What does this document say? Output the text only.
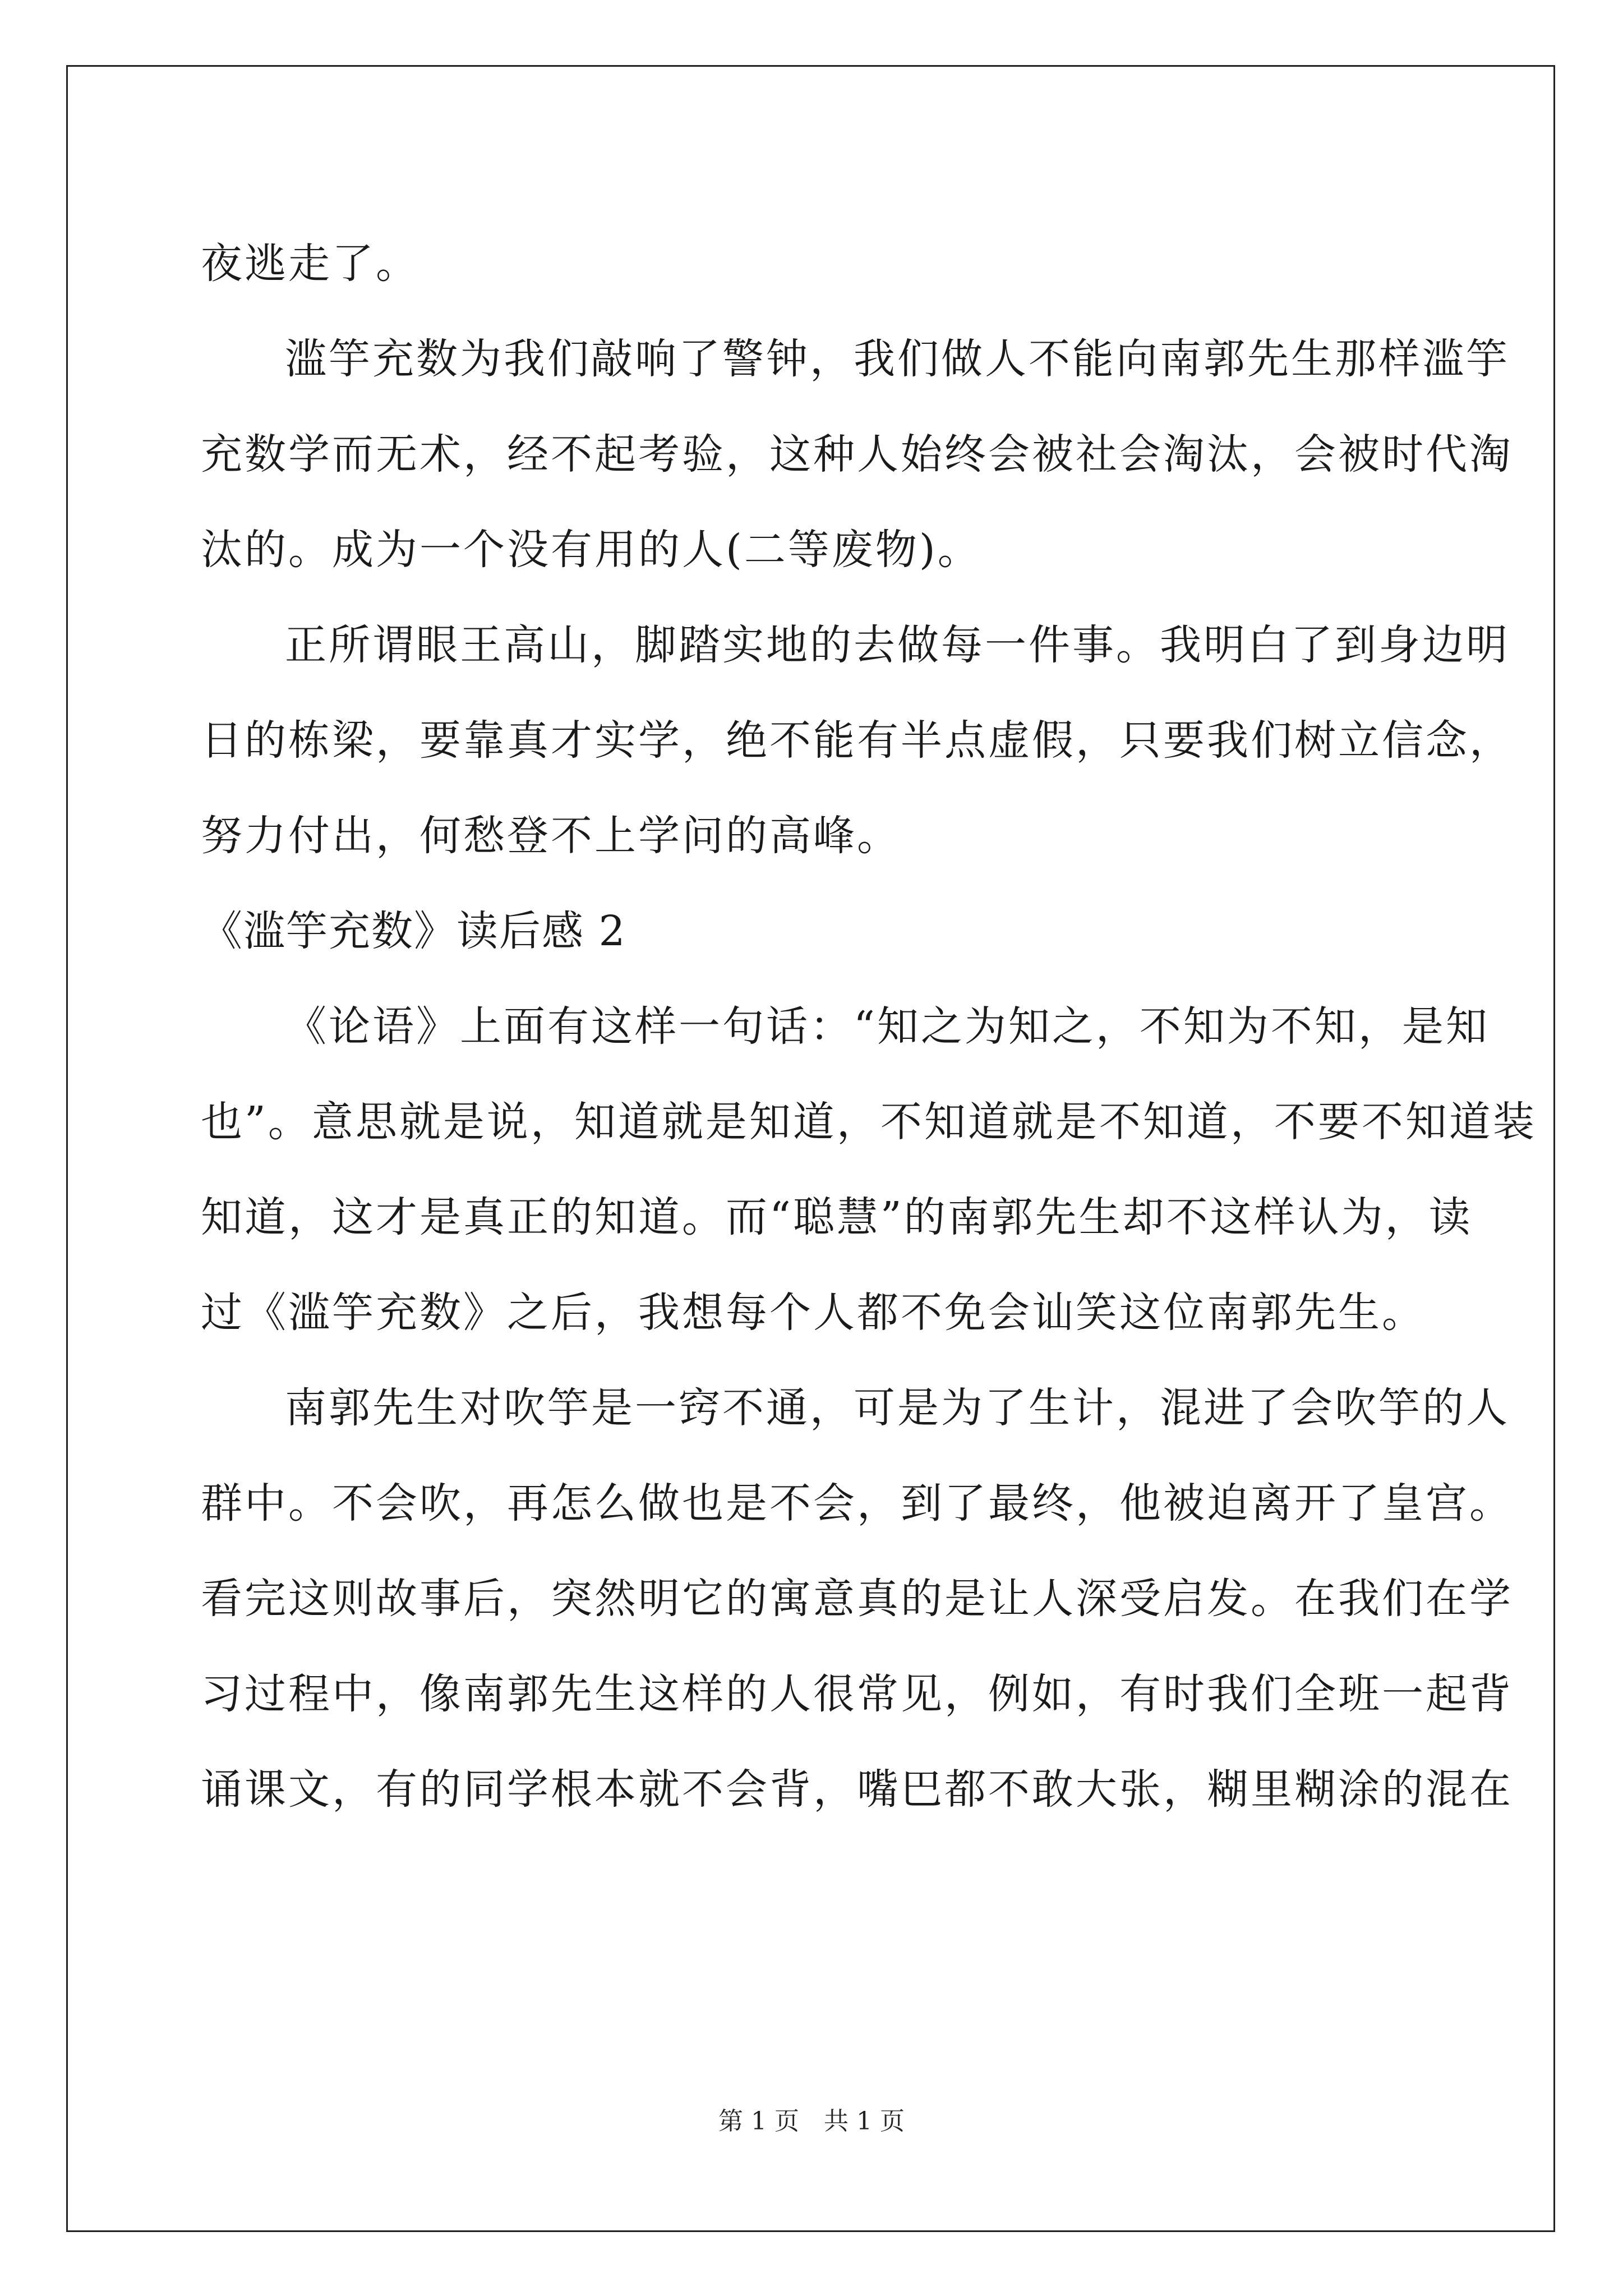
夜逃走了。
滥竽充数为我们敲响了警钟，我们做人不能向南郭先生那样滥竽
充数学而无术，经不起考验，这种人始终会被社会淘汰，会被时代淘
汰的。成为一个没有用的人(二等废物)。
正所谓眼王高山，脚踏实地的去做每一件事。我明白了到身边明
日的栋梁，要靠真才实学，绝不能有半点虚假，只要我们树立信念，
努力付出，何愁登不上学问的高峰。
《滥竽充数》读后感 2
《论语》上面有这样一句话：“知之为知之，不知为不知，是知
也”。意思就是说，知道就是知道，不知道就是不知道，不要不知道装
知道，这才是真正的知道。而“聪慧”的南郭先生却不这样认为，读
过《滥竽充数》之后，我想每个人都不免会讪笑这位南郭先生。
南郭先生对吹竽是一窍不通，可是为了生计，混进了会吹竽的人
群中。不会吹，再怎么做也是不会，到了最终，他被迫离开了皇宫。
看完这则故事后，突然明它的寓意真的是让人深受启发。在我们在学
习过程中，像南郭先生这样的人很常见，例如，有时我们全班一起背
诵课文，有的同学根本就不会背，嘴巴都不敢大张，糊里糊涂的混在
第 1 页　共 1 页
